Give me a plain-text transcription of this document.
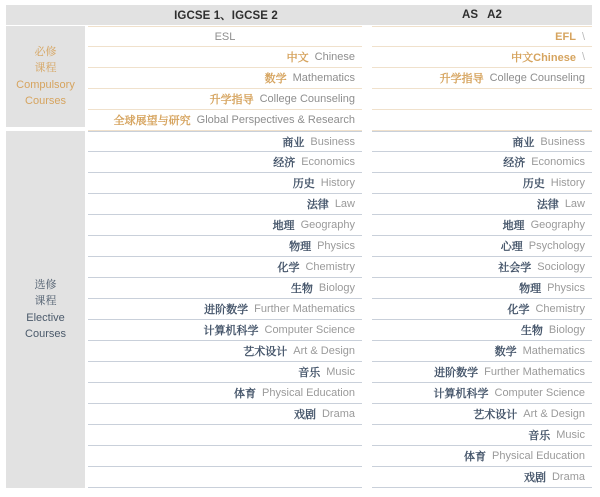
IGCSE 1、IGCSE 2	AS A2
必修
课程
Compulsory
Courses
选修
课程
Elective
Courses
ESL
中文 Chinese
数学 Mathematics
升学指导 College Counseling
全球展望与研究 Global Perspectives & Research
商业 Business
经济 Economics
历史 History
法律 Law
地理 Geography
物理 Physics
化学 Chemistry
生物 Biology
进阶数学 Further Mathematics
计算机科学 Computer Science
艺术设计 Art & Design
音乐 Music
体育 Physical Education
戏剧 Drama
EFL \
中文Chinese \
升学指导 College Counseling
商业 Business
经济 Economics
历史 History
法律 Law
地理 Geography
心理 Psychology
社会学 Sociology
物理 Physics
化学 Chemistry
生物 Biology
数学 Mathematics
进阶数学 Further Mathematics
计算机科学 Computer Science
艺术设计 Art & Design
音乐 Music
体育 Physical Education
戏剧 Drama
